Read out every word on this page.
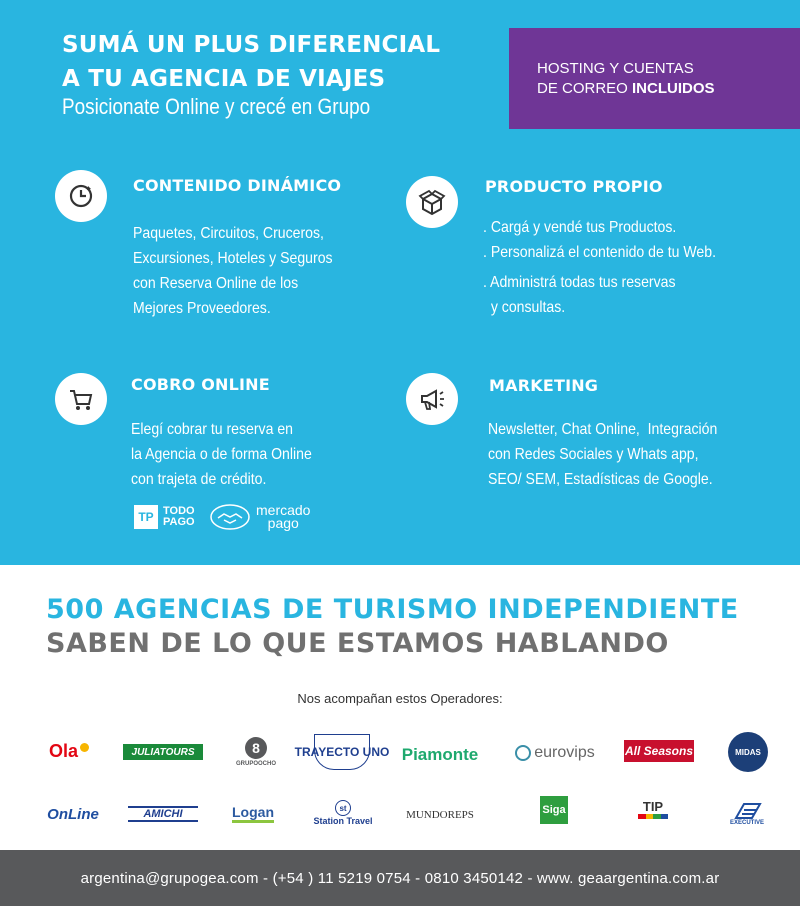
SUMÁ UN PLUS DIFERENCIAL
A TU AGENCIA DE VIAJES
Posicionate Online y crecé en Grupo
HOSTING Y CUENTAS
DE CORREO INCLUIDOS
CONTENIDO DINÁMICO
Paquetes, Circuitos, Cruceros,
Excursiones, Hoteles y Seguros
con Reserva Online de los
Mejores Proveedores.
PRODUCTO PROPIO
. Cargá y vendé tus Productos.
. Personalizá el contenido de tu Web.
. Administrá todas tus reservas
y consultas.
COBRO ONLINE
Elegí cobrar tu reserva en
la Agencia o de forma Online
con trajeta de crédito.
TP TODO
PAGO
mercado
pago
MARKETING
Newsletter, Chat Online,  Integración
con Redes Sociales y Whats app,
SEO/ SEM, Estadísticas de Google.
500 AGENCIAS DE TURISMO INDEPENDIENTE
SABEN DE LO QUE ESTAMOS HABLANDO
Nos acompañan estos Operadores:
Ola	JULIATOURS	8
GRUPOOCHO
TRAYECTO UNO Piamonte	eurovips	All Seasons	MIDAS
OnLine	AMICHI	Logan	st
Station Travel	MUNDOREPS	Siga	TIP
EXECUTIVE
argentina@grupogea.com - (+54 ) 11 5219 0754 - 0810 3450142 - www. geaargentina.com.ar
